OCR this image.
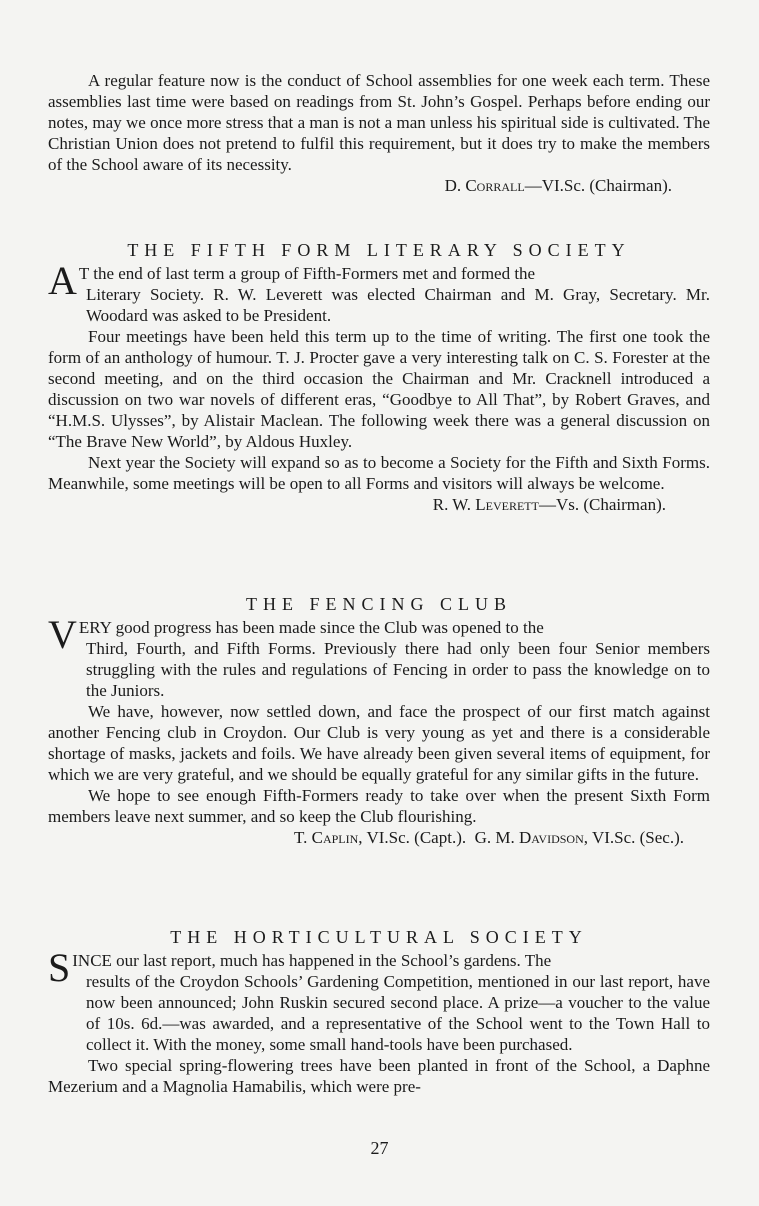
A regular feature now is the conduct of School assemblies for one week each term. These assemblies last time were based on readings from St. John’s Gospel. Perhaps before ending our notes, may we once more stress that a man is not a man unless his spiritual side is cultivated. The Christian Union does not pretend to fulfil this requirement, but it does try to make the members of the School aware of its necessity.

D. Corrall—VI.Sc. (Chairman).
THE FIFTH FORM LITERARY SOCIETY
A T the end of last term a group of Fifth-Formers met and formed the

Literary Society. R. W. Leverett was elected Chairman and M. Gray, Secretary. Mr. Woodard was asked to be President.

Four meetings have been held this term up to the time of writing. The first one took the form of an anthology of humour. T. J. Procter gave a very interesting talk on C. S. Forester at the second meeting, and on the third occasion the Chairman and Mr. Cracknell introduced a discussion on two war novels of different eras, “Goodbye to All That”, by Robert Graves, and “H.M.S. Ulysses”, by Alistair Maclean. The following week there was a general discussion on “The Brave New World”, by Aldous Huxley.

Next year the Society will expand so as to become a Society for the Fifth and Sixth Forms. Meanwhile, some meetings will be open to all Forms and visitors will always be welcome.

R. W. Leverett—Vs. (Chairman).
THE FENCING CLUB
V ERY good progress has been made since the Club was opened to the

Third, Fourth, and Fifth Forms. Previously there had only been four Senior members struggling with the rules and regulations of Fencing in order to pass the knowledge on to the Juniors.

We have, however, now settled down, and face the prospect of our first match against another Fencing club in Croydon. Our Club is very young as yet and there is a considerable shortage of masks, jackets and foils. We have already been given several items of equipment, for which we are very grateful, and we should be equally grateful for any similar gifts in the future.

We hope to see enough Fifth-Formers ready to take over when the present Sixth Form members leave next summer, and so keep the Club flourishing.

T. Caplin, VI.Sc. (Capt.). G. M. Davidson, VI.Sc. (Sec.).
THE HORTICULTURAL SOCIETY
S INCE our last report, much has happened in the School’s gardens. The

results of the Croydon Schools’ Gardening Competition, mentioned in our last report, have now been announced; John Ruskin secured second place. A prize—a voucher to the value of 10s. 6d.—was awarded, and a representative of the School went to the Town Hall to collect it. With the money, some small hand-tools have been purchased.

Two special spring-flowering trees have been planted in front of the School, a Daphne Mezerium and a Magnolia Hamabilis, which were pre-

27
